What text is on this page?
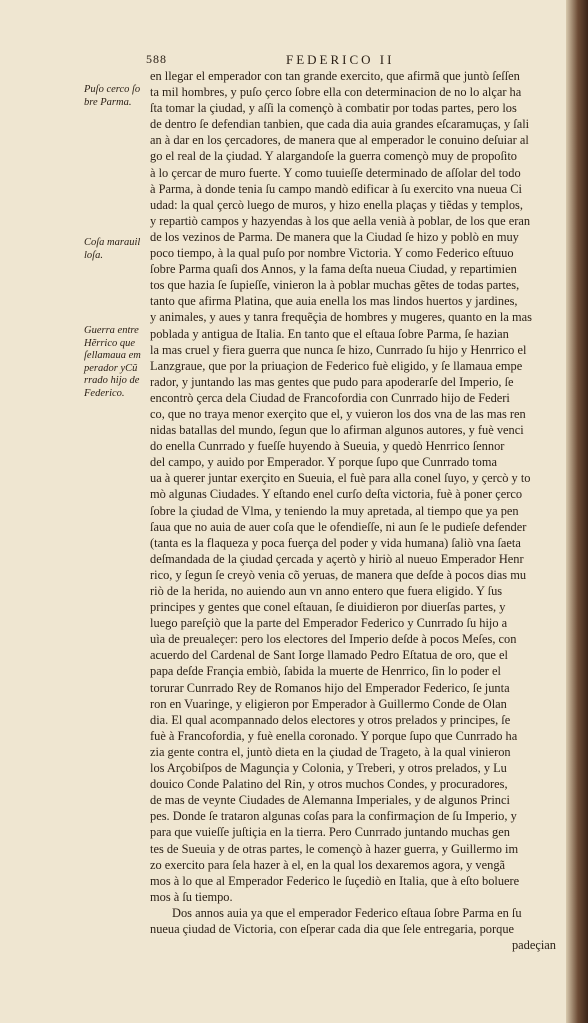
588	FEDERICO II
Puſo cerco ſo
bre Parma.
Coſa marauil
loſa.
Guerra entre
Hẽrrico que
ſellamaua em
perador yCũ
rrado hijo de
Federico.
en llegar el emperador con tan grande exercito, que afirmã que juntò ſeſſen
ta mil hombres, y puſo çerco ſobre ella con determinacion de no lo alçar ha
ſta tomar la çiudad, y aſſi la començò à combatir por todas partes, pero los
de dentro ſe defendian tanbien, que cada dia auia grandes eſcaramuças, y ſali
an à dar en los çercadores, de manera que al emperador le conuino deſuiar al
go el real de la çiudad. Y alargandoſe la guerra començò muy de propoſito
à lo çercar de muro fuerte. Y como tuuieſſe determinado de aſſolar del todo
à Parma, à donde tenia ſu campo mandò edificar à ſu exercito vna nueua Ci
udad: la qual çercò luego de muros, y hizo enella plaças y tiẽdas y templos,
y repartiò campos y hazyendas à los que aella venià à poblar, de los que eran
de los vezinos de Parma. De manera que la Ciudad ſe hizo y poblò en muy
poco tiempo, à la qual puſo por nombre Victoria. Y como Federico eſtuuo
ſobre Parma quaſi dos Annos, y la fama deſta nueua Ciudad, y repartimien
tos que hazia ſe ſupieſſe, vinieron la à poblar muchas gẽtes de todas partes,
tanto que afirma Platina, que auia enella los mas lindos huertos y jardines,
y animales, y aues y tanra frequẽçia de hombres y mugeres, quanto en la mas
poblada y antigua de Italia. En tanto que el eſtaua ſobre Parma, ſe hazian
la mas cruel y fiera guerra que nunca ſe hizo, Cunrrado ſu hijo y Henrrico el
Lanzgraue, que por la priuaçion de Federico fuè eligido, y ſe llamaua empe
rador, y juntando las mas gentes que pudo para apoderarſe del Imperio, ſe
encontrò çerca dela Ciudad de Francofordia con Cunrrado hijo de Federi
co, que no traya menor exerçito que el, y vuieron los dos vna de las mas ren
nidas batallas del mundo, ſegun que lo afirman algunos autores, y fuè venci
do enella Cunrrado y fueſſe huyendo à Sueuia, y quedò Henrrico ſennor
del campo, y auido por Emperador. Y porque ſupo que Cunrrado toma
ua à querer juntar exerçito en Sueuia, el fuè para alla conel ſuyo, y çercò y to
mò algunas Ciudades. Y eſtando enel curſo deſta victoria, fuè à poner çerco
ſobre la çiudad de Vlma, y teniendo la muy apretada, al tiempo que ya pen
ſaua que no auia de auer coſa que le ofendieſſe, ni aun ſe le pudieſe defender
(tanta es la flaqueza y poca fuerça del poder y vida humana) ſaliò vna ſaeta
deſmandada de la çiudad çercada y açertò y hiriò al nueuo Emperador Henr
rico, y ſegun ſe creyò venia cõ yeruas, de manera que deſde à pocos dias mu
riò de la herida, no auiendo aun vn anno entero que fuera eligido. Y ſus
principes y gentes que conel eſtauan, ſe diuidieron por diuerſas partes, y
luego pareſçiò que la parte del Emperador Federico y Cunrrado ſu hijo a
uìa de preualeçer: pero los electores del Imperio deſde à pocos Meſes, con
acuerdo del Cardenal de Sant Iorge llamado Pedro Eſtatua de oro, que el
papa deſde Françia embiò, ſabida la muerte de Henrrico, ſin lo poder el
torurar Cunrrado Rey de Romanos hijo del Emperador Federico, ſe junta
ron en Vuaringe, y eligieron por Emperador à Guillermo Conde de Olan
dia. El qual acompannado delos electores y otros prelados y principes, ſe
fuè à Francofordia, y fuè enella coronado. Y porque ſupo que Cunrrado ha
zia gente contra el, juntò dieta en la çiudad de Trageto, à la qual vinieron
los Arçobiſpos de Magunçia y Colonia, y Treberi, y otros prelados, y Lu
douico Conde Palatino del Rin, y otros muchos Condes, y procuradores,
de mas de veynte Ciudades de Alemanna Imperiales, y de algunos Princi
pes. Donde ſe trataron algunas coſas para la confirmaçion de ſu Imperio, y
para que vuieſſe juſtiçia en la tierra. Pero Cunrrado juntando muchas gen
tes de Sueuia y de otras partes, le començò à hazer guerra, y Guillermo im
zo exercito para ſela hazer à el, en la qual los dexaremos agora, y vengã
mos à lo que al Emperador Federico le ſuçediò en Italia, que à eſto boluere
mos à ſu tiempo.
Dos annos auia ya que el emperador Federico eſtaua ſobre Parma en ſu
nueua çiudad de Victoria, con eſperar cada dia que ſele entregaria, porque
padeçian
